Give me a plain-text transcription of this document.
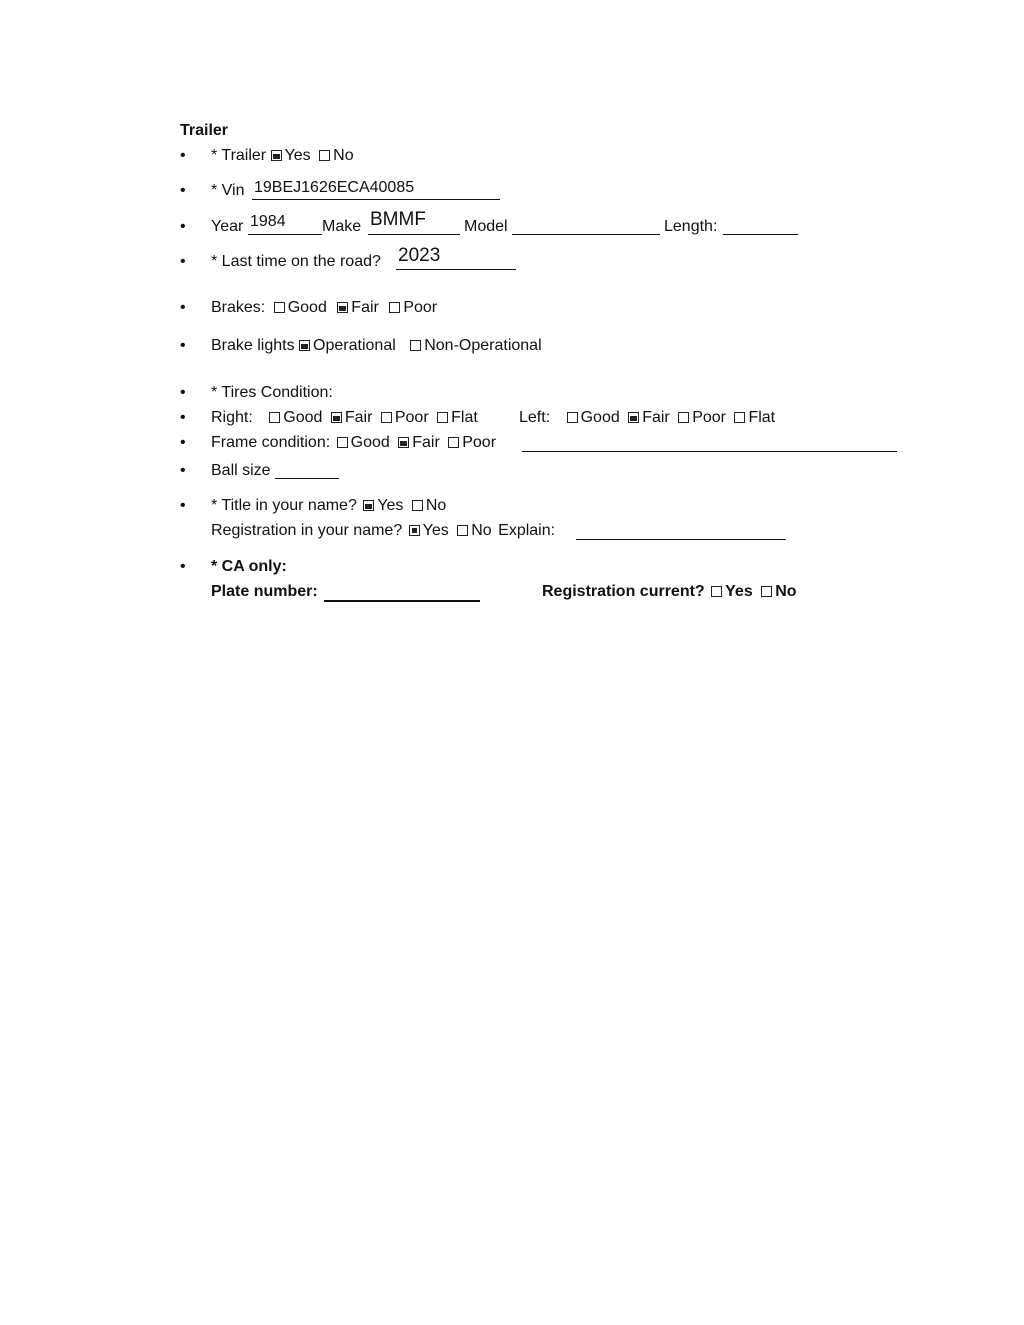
Trailer
• * Trailer Yes No
• * Vin 19BEJ1626ECA40085
• Year 1984 Make BMMF Model	Length:
• * Last time on the road? 2023
• Brakes: Good Fair Poor
• Brake lights Operational Non-Operational
• * Tires Condition:
• Right: Good Fair Poor Flat	Left: Good Fair Poor Flat
• Frame condition: Good Fair Poor
• Ball size
• * Title in your name? Yes No
Registration in your name? Yes No Explain:
• * CA only:
Plate number:	Registration current? Yes No
